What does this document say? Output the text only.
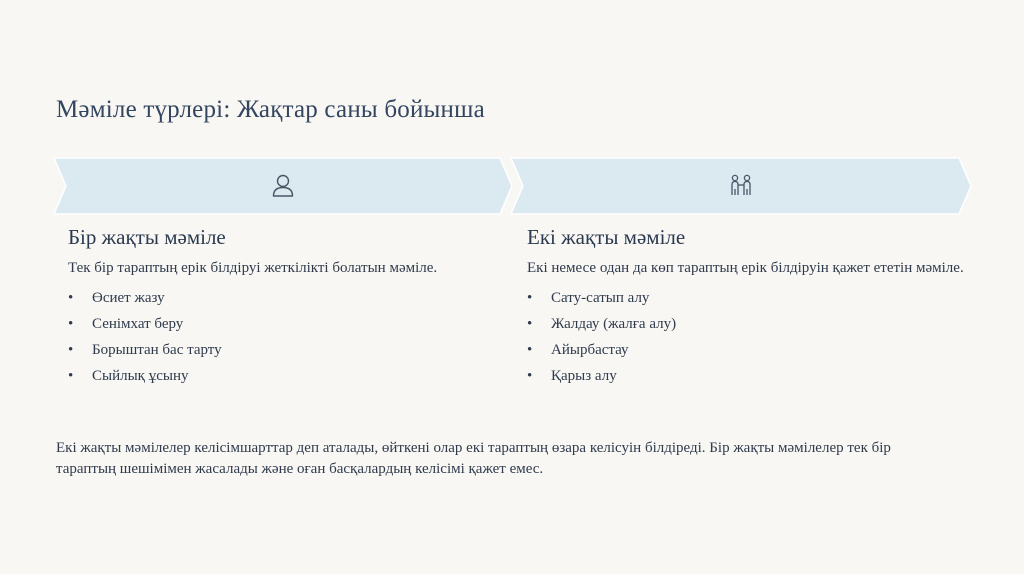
Мәміле түрлері: Жақтар саны бойынша
Бір жақты мәміле

Тек бір тараптың ерік білдіруі жеткілікті болатын мәміле.

• Өсиет жазу
• Сенімхат беру
• Борыштан бас тарту
• Сыйлық ұсыну
Екі жақты мәміле

Екі немесе одан да көп тараптың ерік білдіруін қажет ететін мәміле.

• Сату-сатып алу
• Жалдау (жалға алу)
• Айырбастау
• Қарыз алу
Екі жақты мәмілелер келісімшарттар деп аталады, өйткені олар екі тараптың өзара келісуін білдіреді. Бір жақты мәмілелер тек бір тараптың шешімімен жасалады және оған басқалардың келісімі қажет емес.
